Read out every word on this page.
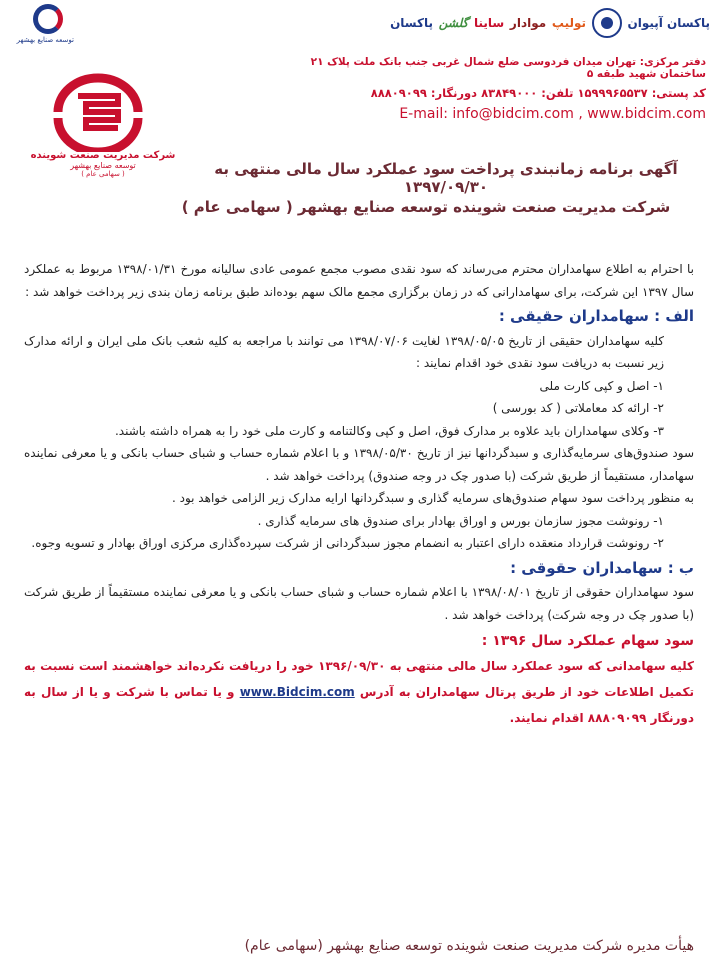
پاکسان آپیوان
تولیپ
موادار
ساینا
گلشن
پاکسان
توسعه صنایع بهشهر
شرکت مدیریت صنعت شوینده
توسعه صنایع بهشهر
( سهامی عام )
دفتر مرکزی: تهران میدان فردوسی ضلع شمال غربی جنب بانک ملت پلاک ۲۱ ساختمان شهید طبقه ۵
کد پستی: ۱۵۹۹۹۶۵۵۳۷ تلفن: ۸۳۸۴۹۰۰۰ دورنگار: ۸۸۸۰۹۰۹۹
E-mail: info@bidcim.com , www.bidcim.com
آگهی برنامه زمانبندی پرداخت سود عملکرد سال مالی منتهی به ۱۳۹۷/۰۹/۳۰
شرکت مدیریت صنعت شوینده توسعه صنایع بهشهر ( سهامی عام )

با احترام به اطلاع سهامداران محترم می‌رساند که سود نقدی مصوب مجمع عمومی عادی سالیانه مورخ ۱۳۹۸/۰۱/۳۱ مربوط به عملکرد سال ۱۳۹۷ این شرکت، برای سهامدارانی که در زمان برگزاری مجمع مالک سهم بوده‌اند طبق برنامه زمان بندی زیر پرداخت خواهد شد :

الف : سهامداران حقیقی :

کلیه سهامداران حقیقی از تاریخ ۱۳۹۸/۰۵/۰۵ لغایت ۱۳۹۸/۰۷/۰۶ می توانند با مراجعه به کلیه شعب بانک ملی ایران و ارائه مدارک زیر نسبت به دریافت سود نقدی خود اقدام نمایند :

۱- اصل و کپی کارت ملی

۲- ارائه کد معاملاتی ( کد بورسی )

۳- وکلای سهامداران باید علاوه بر مدارک فوق، اصل و کپی وکالتنامه و کارت ملی خود را به همراه داشته باشند.

سود صندوق‌های سرمایه‌گذاری و سبدگردانها نیز از تاریخ ۱۳۹۸/۰۵/۳۰ و با اعلام شماره حساب و شبای حساب بانکی و یا معرفی نماینده سهامدار، مستقیماً از طریق شرکت (با صدور چک در وجه صندوق) پرداخت خواهد شد .

به منظور پرداخت سود سهام صندوق‌های سرمایه گذاری و سبدگردانها ارایه مدارک زیر الزامی خواهد بود .

۱- رونوشت مجوز سازمان بورس و اوراق بهادار برای صندوق های سرمایه گذاری .

۲- رونوشت قرارداد منعقده دارای اعتبار به انضمام مجوز سبدگردانی از شرکت سپرده‌گذاری مرکزی اوراق بهادار و تسویه وجوه.

ب : سهامداران حقوقی :

سود سهامداران حقوقی از تاریخ ۱۳۹۸/۰۸/۰۱ با اعلام شماره حساب و شبای حساب بانکی و یا معرفی نماینده مستقیماً از طریق شرکت (با صدور چک در وجه شرکت) پرداخت خواهد شد .

سود سهام عملکرد سال ۱۳۹۶ :

کلیه سهامدانی که سود عملکرد سال مالی منتهی به ۱۳۹۶/۰۹/۳۰ خود را دریافت نکرده‌اند خواهشمند است نسبت به تکمیل اطلاعات خود از طریق پرتال سهامداران به آدرس www.Bidcim.com و یا تماس با شرکت و یا از سال به دورنگار ۸۸۸۰۹۰۹۹ اقدام نمایند.

هیأت مدیره شرکت مدیریت صنعت شوینده توسعه صنایع بهشهر (سهامی عام)
